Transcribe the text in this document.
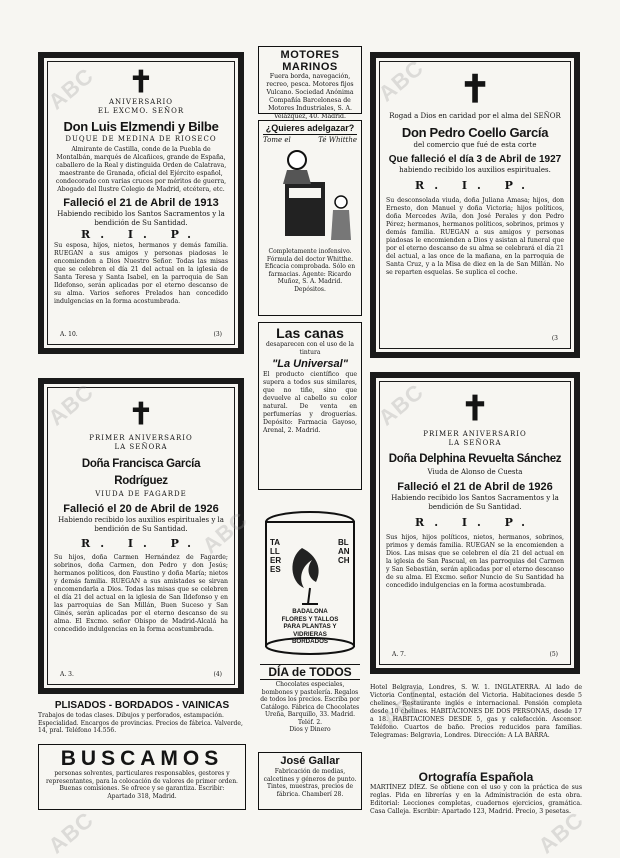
✝
ANIVERSARIO
EL EXCMO. SEÑOR
Don Luis Elzmendi y Bilbe
DUQUE DE MEDINA DE RIOSECO
Almirante de Castilla, conde de la Puebla de Montalbán, marqués de Alcañices, grande de España, caballero de la Real y distinguida Orden de Calatrava, maestrante de Granada, oficial del Ejército español, condecorado con varias cruces por méritos de guerra, Abogado del Ilustre Colegio de Madrid, etcétera, etc.
Falleció el 21 de Abril de 1913
Habiendo recibido los Santos Sacramentos y la bendición de Su Santidad.
R. I. P.
Su esposa, hijos, nietos, hermanos y demás familia. RUEGAN a sus amigos y personas piadosas le encomienden a Dios Nuestro Señor. Todas las misas que se celebren el día 21 del actual en la iglesia de Santa Teresa y Santa Isabel, en la parroquia de San Ildefonso, serán aplicadas por el eterno descanso de su alma. Varios señores Prelados han concedido indulgencias en la forma acostumbrada.
A. 10.	(3)
✝
PRIMER ANIVERSARIO
LA SEÑORA
Doña Francisca García Rodríguez
VIUDA DE FAGARDE
Falleció el 20 de Abril de 1926
Habiendo recibido los auxilios espirituales y la bendición de Su Santidad.
R. I. P.
Su hijos, doña Carmen Hernández de Fagarde; sobrinos, doña Carmen, don Pedro y don Jesús; hermanos políticos, don Faustino y doña María; nietos y demás familia. RUEGAN a sus amistades se sirvan encomendarla a Dios. Todas las misas que se celebren el día 21 del actual en la iglesia de San Ildefonso y en las parroquias de San Millán, Buen Suceso y San Ginés, serán aplicadas por el eterno descanso de su alma. El Excmo. señor Obispo de Madrid-Alcalá ha concedido indulgencias en la forma acostumbrada.
A. 3.	(4)
PLISADOS - BORDADOS - VAINICAS
Trabajos de todas clases. Dibujos y perforados, estampación. Especialidad. Encargos de provincias. Precios de fábrica. Valverde, 14, pral. Teléfono 14.556.
BUSCAMOS
personas solventes, particulares responsables, gestores y representantes, para la colocación de valores de primer orden. Buenas comisiones. Se ofrece y se garantiza. Escribir: Apartado 318, Madrid.
MOTORES MARINOS
Fuera borda, navegación, recreo, pesca. Motores fijos Vulcano. Sociedad Anónima Compañía Barcelonesa de Motores Industriales, S. A. Velázquez, 40. Madrid.
¿Quieres adelgazar?
Tome el	Té Whitthe
Completamente inofensivo. Fórmula del doctor Whitthe. Eficacia comprobada. Sólo en farmacias. Agente: Ricardo Muñoz, S. A. Madrid. Depósitos.
Las canas
desaparecen con el uso de la tintura
"La Universal"
El producto científico que supera a todos sus similares, que no tiñe, sino que devuelve al cabello su color natural. De venta en perfumerías y droguerías. Depósito: Farmacia Gayoso, Arenal, 2. Madrid.
TALLERES
BLANCH
BADALONA
FLORES Y TALLOS
PARA PLANTAS Y VIDRIERAS
BORDADOS
DÍA de TODOS
Chocolates especiales, bombones y pastelería. Regalos de todos los precios. Escriba por Catálogo. Fábrica de Chocolates Ureña, Barquillo, 33. Madrid. Teléf. 2.
Dios y Dinero
José Gallar
Fabricación de medias, calcetines y géneros de punto. Tintes, muestras, precios de fábrica. Chamberí 28.
✝
Rogad a Dios en caridad por el alma del SEÑOR
Don Pedro Coello García
del comercio que fué de esta corte
Que falleció el día 3 de Abril de 1927
habiendo recibido los auxilios espirituales.
R. I. P.
Su desconsolada viuda, doña Juliana Amasa; hijos, don Ernesto, don Manuel y doña Victoria; hijos políticos, doña Mercedes Avila, don José Perales y don Pedro Pérez; hermanos, hermanos políticos, sobrinos, primos y demás familia. RUEGAN a sus amigos y personas piadosas le encomienden a Dios y asistan al funeral que por el eterno descanso de su alma se celebrará el día 21 del actual, a las once de la mañana, en la parroquia de Santa Cruz, y a la Misa de diez en la de San Millán. No se reparten esquelas. Se suplica el coche.
(3
✝
PRIMER ANIVERSARIO
LA SEÑORA
Doña Delphina Revuelta Sánchez
Viuda de Alonso de Cuesta
Falleció el 21 de Abril de 1926
Habiendo recibido los Santos Sacramentos y la bendición de Su Santidad.
R. I. P.
Sus hijos, hijos políticos, nietos, hermanos, sobrinos, primos y demás familia. RUEGAN se la encomienden a Dios. Las misas que se celebren el día 21 del actual en la iglesia de San Pascual, en las parroquias del Carmen y San Sebastián, serán aplicadas por el eterno descanso de su alma. El Excmo. señor Nuncio de Su Santidad ha concedido indulgencias en la forma acostumbrada.
A. 7.	(5)
Hotel Belgravia, Londres, S. W. 1. INGLATERRA. Al lado de Victoria Continental, estación del Victoria. Habitaciones desde 5 chelines. Restaurante inglés e internacional. Pensión completa desde 10 chelines. HABITACIONES DE DOS PERSONAS, desde 17 a 18. HABITACIONES DESDE 5, gas y calefacción. Ascensor. Teléfono. Cuartos de baño. Precios reducidos para familias. Telegramas: Belgravia, Londres. Dirección: A LA BARRA.
Ortografía Española
MARTÍNEZ DÍEZ. Se obtiene con el uso y con la práctica de sus reglas. Pida en librerías y en la Administración de esta obra. Editorial: Lecciones completas, cuadernos ejercicios, gramática. Casa Calleja. Escribir: Apartado 123, Madrid. Precio, 3 pesetas.
ABC	ABC
ABC
ABC
ABC
ABC	ABC
ABC
